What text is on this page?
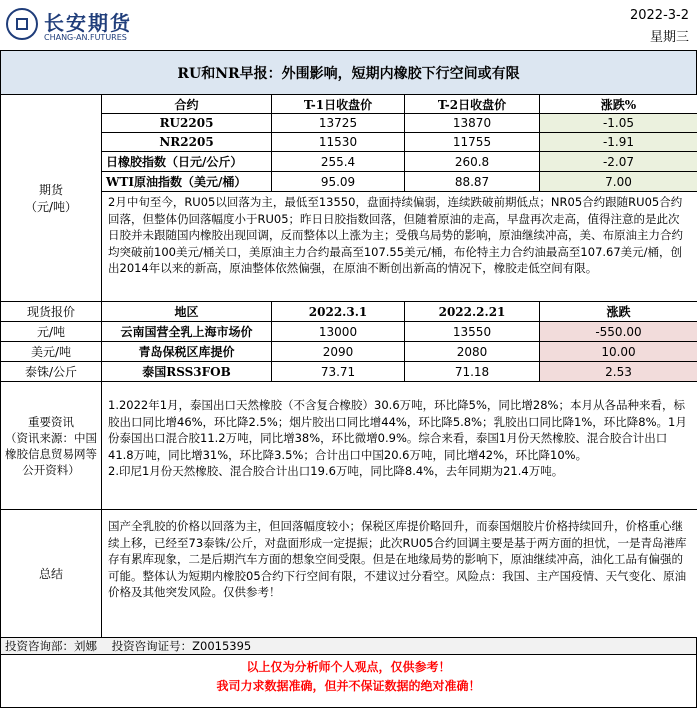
长安期货
CHANG-AN.FUTURES
2022-3-2
星期三
RU和NR早报：外围影响，短期内橡胶下行空间或有限
期货
（元/吨）
合约	T-1日收盘价	T-2日收盘价	涨跌%
RU2205	13725	13870	-1.05
NR2205	11530	11755	-1.91
日橡胶指数（日元/公斤）	255.4	260.8	-2.07
WTI原油指数（美元/桶）	95.09	88.87	7.00
2月中旬至今，RU05以回落为主，最低至13550，盘面持续偏弱，连续跌破前期低点；NR05合约跟随RU05合约回落，但整体仍回落幅度小于RU05；昨日日胶指数回落，但随着原油的走高，早盘再次走高，值得注意的是此次日胶并未跟随国内橡胶出现回调，反而整体以上涨为主；受俄乌局势的影响，原油继续冲高，美、布原油主力合约均突破前100美元/桶关口，美原油主力合约最高至107.55美元/桶，布伦特主力合约油最高至107.67美元/桶，创出2014年以来的新高，原油整体依然偏强，在原油不断创出新高的情况下，橡胶走低空间有限。
现货报价	地区	2022.3.1	2022.2.21	涨跌
元/吨	云南国营全乳上海市场价	13000	13550	-550.00
美元/吨	青岛保税区库提价	2090	2080	10.00
泰铢/公斤	泰国RSS3FOB	73.71	71.18	2.53
重要资讯
（资讯来源：中国橡胶信息贸易网等公开资料）
1.2022年1月，泰国出口天然橡胶（不含复合橡胶）30.6万吨，环比降5%，同比增28%；本月从各品种来看，标胶出口同比增46%，环比降2.5%；烟片胶出口同比增44%，环比降5.8%；乳胶出口同比降1%，环比降8%。1月份泰国出口混合胶11.2万吨，同比增38%，环比微增0.9%。综合来看，泰国1月份天然橡胶、混合胶合计出口41.8万吨，同比增31%，环比降3.5%；合计出口中国20.6万吨，同比增42%，环比降10%。
2.印尼1月份天然橡胶、混合胶合计出口19.6万吨，同比降8.4%，去年同期为21.4万吨。
总结
国产全乳胶的价格以回落为主，但回落幅度较小；保税区库提价略回升，而泰国烟胶片价格持续回升，价格重心继续上移，已经至73泰铢/公斤，对盘面形成一定提振；此次RU05合约回调主要是基于两方面的担忧，一是青岛港库存有累库现象，二是后期汽车方面的想象空间受限。但是在地缘局势的影响下，原油继续冲高，油化工品有偏强的可能。整体认为短期内橡胶05合约下行空间有限，不建议过分看空。风险点：我国、主产国疫情、天气变化、原油价格及其他突发风险。仅供参考！
投资咨询部：刘娜    投资咨询证号：Z0015395
以上仅为分析师个人观点，仅供参考！
我司力求数据准确，但并不保证数据的绝对准确！
